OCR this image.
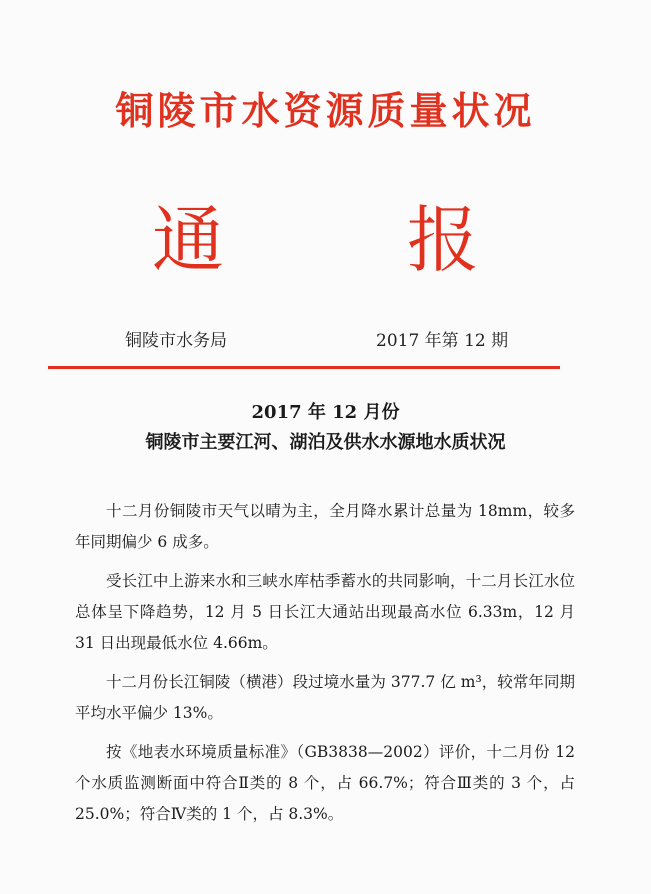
铜陵市水资源质量状况
通 报
铜陵市水务局	2017 年第 12 期
2017 年 12 月份
铜陵市主要江河、湖泊及供水水源地水质状况

十二月份铜陵市天气以晴为主，全月降水累计总量为 18mm，较多年同期偏少 6 成多。

受长江中上游来水和三峡水库枯季蓄水的共同影响，十二月长江水位总体呈下降趋势，12 月 5 日长江大通站出现最高水位 6.33m，12 月 31 日出现最低水位 4.66m。

十二月份长江铜陵（横港）段过境水量为 377.7 亿 m³，较常年同期平均水平偏少 13%。

按《地表水环境质量标准》（GB3838—2002）评价，十二月份 12 个水质监测断面中符合Ⅱ类的 8 个，占 66.7%；符合Ⅲ类的 3 个，占 25.0%；符合Ⅳ类的 1 个，占 8.3%。
